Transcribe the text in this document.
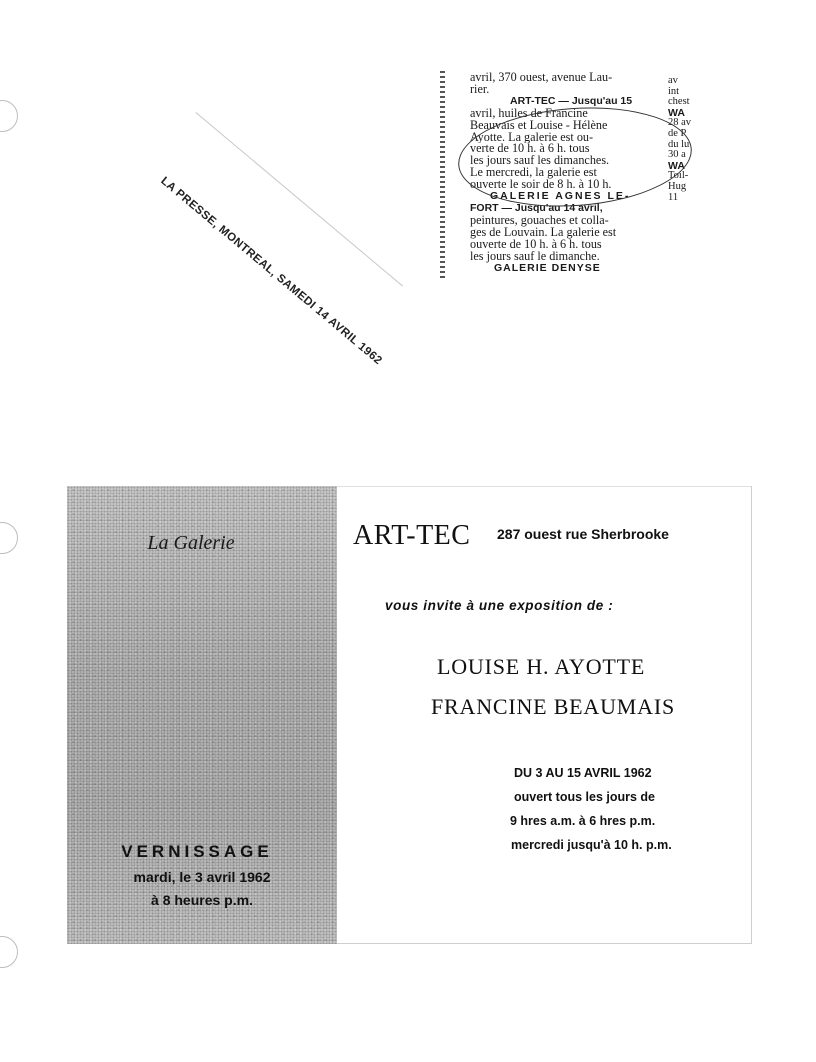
LA PRESSE, MONTREAL, SAMEDI 14 AVRIL 1962
avril, 370 ouest, avenue Lau-
rier.
ART-TEC — Jusqu'au 15
avril, huiles de Francine
Beauvais et Louise - Hélène
Ayotte. La galerie est ou-
verte de 10 h. à 6 h. tous
les jours sauf les dimanches.
Le mercredi, la galerie est
ouverte le soir de 8 h. à 10 h.
GALERIE AGNES LE-
FORT — Jusqu'au 14 avril,
peintures, gouaches et colla-
ges de Louvain. La galerie est
ouverte de 10 h. à 6 h. tous
les jours sauf le dimanche.
GALERIE DENYSE
av
int
chest
WA
28 av
de P
du lu
30 a
WA
Toil-
Hug
11
La Galerie
VERNISSAGE
mardi, le 3 avril 1962
à 8 heures p.m.
ART-TEC 287 ouest rue Sherbrooke
vous invite à une exposition de :
LOUISE H. AYOTTE
FRANCINE BEAUMAIS
DU 3 AU 15 AVRIL 1962
ouvert tous les jours de
9 hres a.m. à 6 hres p.m.
mercredi jusqu'à 10 h. p.m.
